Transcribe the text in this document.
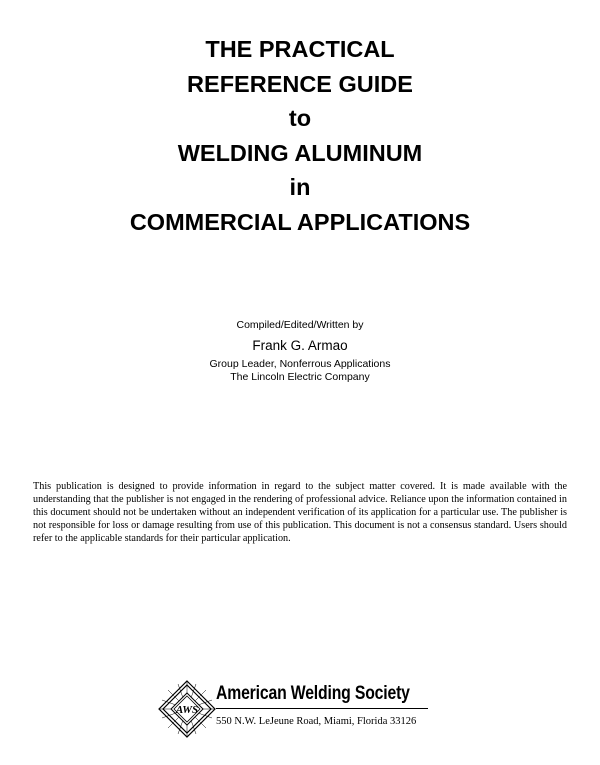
THE PRACTICAL
REFERENCE GUIDE
to
WELDING ALUMINUM
in
COMMERCIAL APPLICATIONS
Compiled/Edited/Written by
Frank G. Armao
Group Leader, Nonferrous Applications
The Lincoln Electric Company
This publication is designed to provide information in regard to the subject matter covered. It is made available with the understanding that the publisher is not engaged in the rendering of professional advice. Reliance upon the information contained in this document should not be undertaken without an independent verification of its application for a particular use. The publisher is not responsible for loss or damage resulting from use of this publication. This document is not a consensus standard. Users should refer to the applicable standards for their particular application.
AWS
American Welding Society
550 N.W. LeJeune Road, Miami, Florida 33126
